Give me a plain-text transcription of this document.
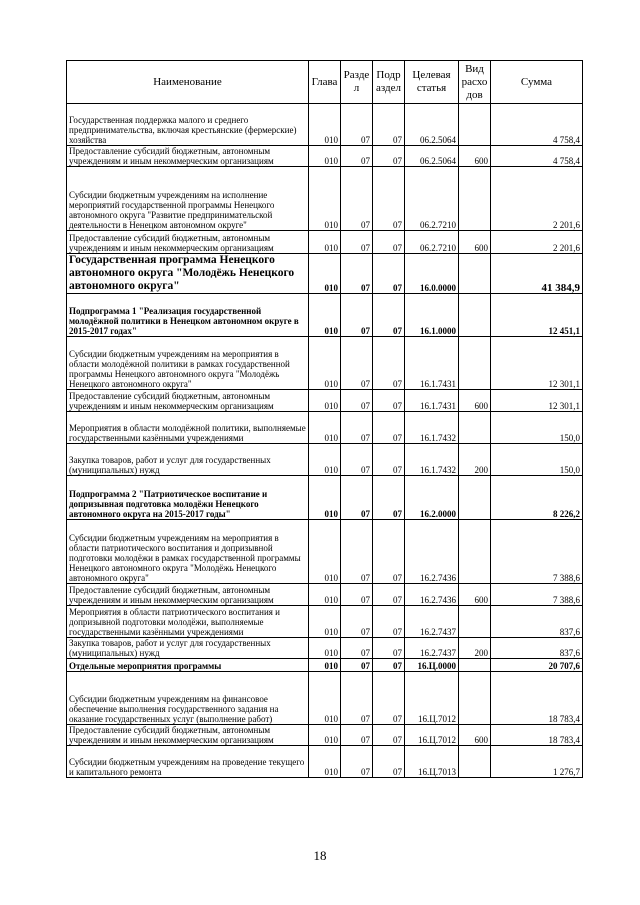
Наименование	Глава	Разде л	Подр аздел	Целевая статья	Вид расхо дов	Сумма
Государственная поддержка малого и среднего предпринимательства, включая крестьянские (фермерские) хозяйства	010	07	07	06.2.5064		4 758,4
Предоставление субсидий бюджетным, автономным учреждениям и иным некоммерческим организациям	010	07	07	06.2.5064	600	4 758,4
Субсидии бюджетным учреждениям на исполнение мероприятий государственной программы Ненецкого автономного округа "Развитие предпринимательской деятельности в Ненецком автономном округе"	010	07	07	06.2.7210		2 201,6
Предоставление субсидий бюджетным, автономным учреждениям и иным некоммерческим организациям	010	07	07	06.2.7210	600	2 201,6
Государственная программа Ненецкого автономного округа "Молодёжь Ненецкого автономного округа"	010	07	07	16.0.0000		41 384,9
Подпрограмма 1 "Реализация государственной молодёжной политики в Ненецком автономном округе в 2015-2017 годах"	010	07	07	16.1.0000		12 451,1
Субсидии бюджетным учреждениям на мероприятия в области молодёжной политики в рамках государственной программы Ненецкого автономного округа "Молодёжь Ненецкого автономного округа"	010	07	07	16.1.7431		12 301,1
Предоставление субсидий бюджетным, автономным учреждениям и иным некоммерческим организациям	010	07	07	16.1.7431	600	12 301,1
Мероприятия в области молодёжной политики, выполняемые государственными казёнными учреждениями	010	07	07	16.1.7432		150,0
Закупка товаров, работ и услуг для государственных (муниципальных) нужд	010	07	07	16.1.7432	200	150,0
Подпрограмма 2 "Патриотическое воспитание и допризывная подготовка молодёжи Ненецкого автономного округа на 2015-2017 годы"	010	07	07	16.2.0000		8 226,2
Субсидии бюджетным учреждениям на мероприятия в области патриотического воспитания и допризывной подготовки молодёжи в рамках государственной программы Ненецкого автономного округа "Молодёжь Ненецкого автономного округа"	010	07	07	16.2.7436		7 388,6
Предоставление субсидий бюджетным, автономным учреждениям и иным некоммерческим организациям	010	07	07	16.2.7436	600	7 388,6
Мероприятия в области патриотического воспитания и допризывной подготовки молодёжи, выполняемые государственными казёнными учреждениями	010	07	07	16.2.7437		837,6
Закупка товаров, работ и услуг для государственных (муниципальных) нужд	010	07	07	16.2.7437	200	837,6
Отдельные мероприятия программы	010	07	07	16.Ц.0000		20 707,6
Субсидии бюджетным учреждениям на финансовое обеспечение выполнения государственного задания на оказание государственных услуг (выполнение работ)	010	07	07	16.Ц.7012		18 783,4
Предоставление субсидий бюджетным, автономным учреждениям и иным некоммерческим организациям	010	07	07	16.Ц.7012	600	18 783,4
Субсидии бюджетным учреждениям на проведение текущего и капитального ремонта	010	07	07	16.Ц.7013		1 276,7
18
